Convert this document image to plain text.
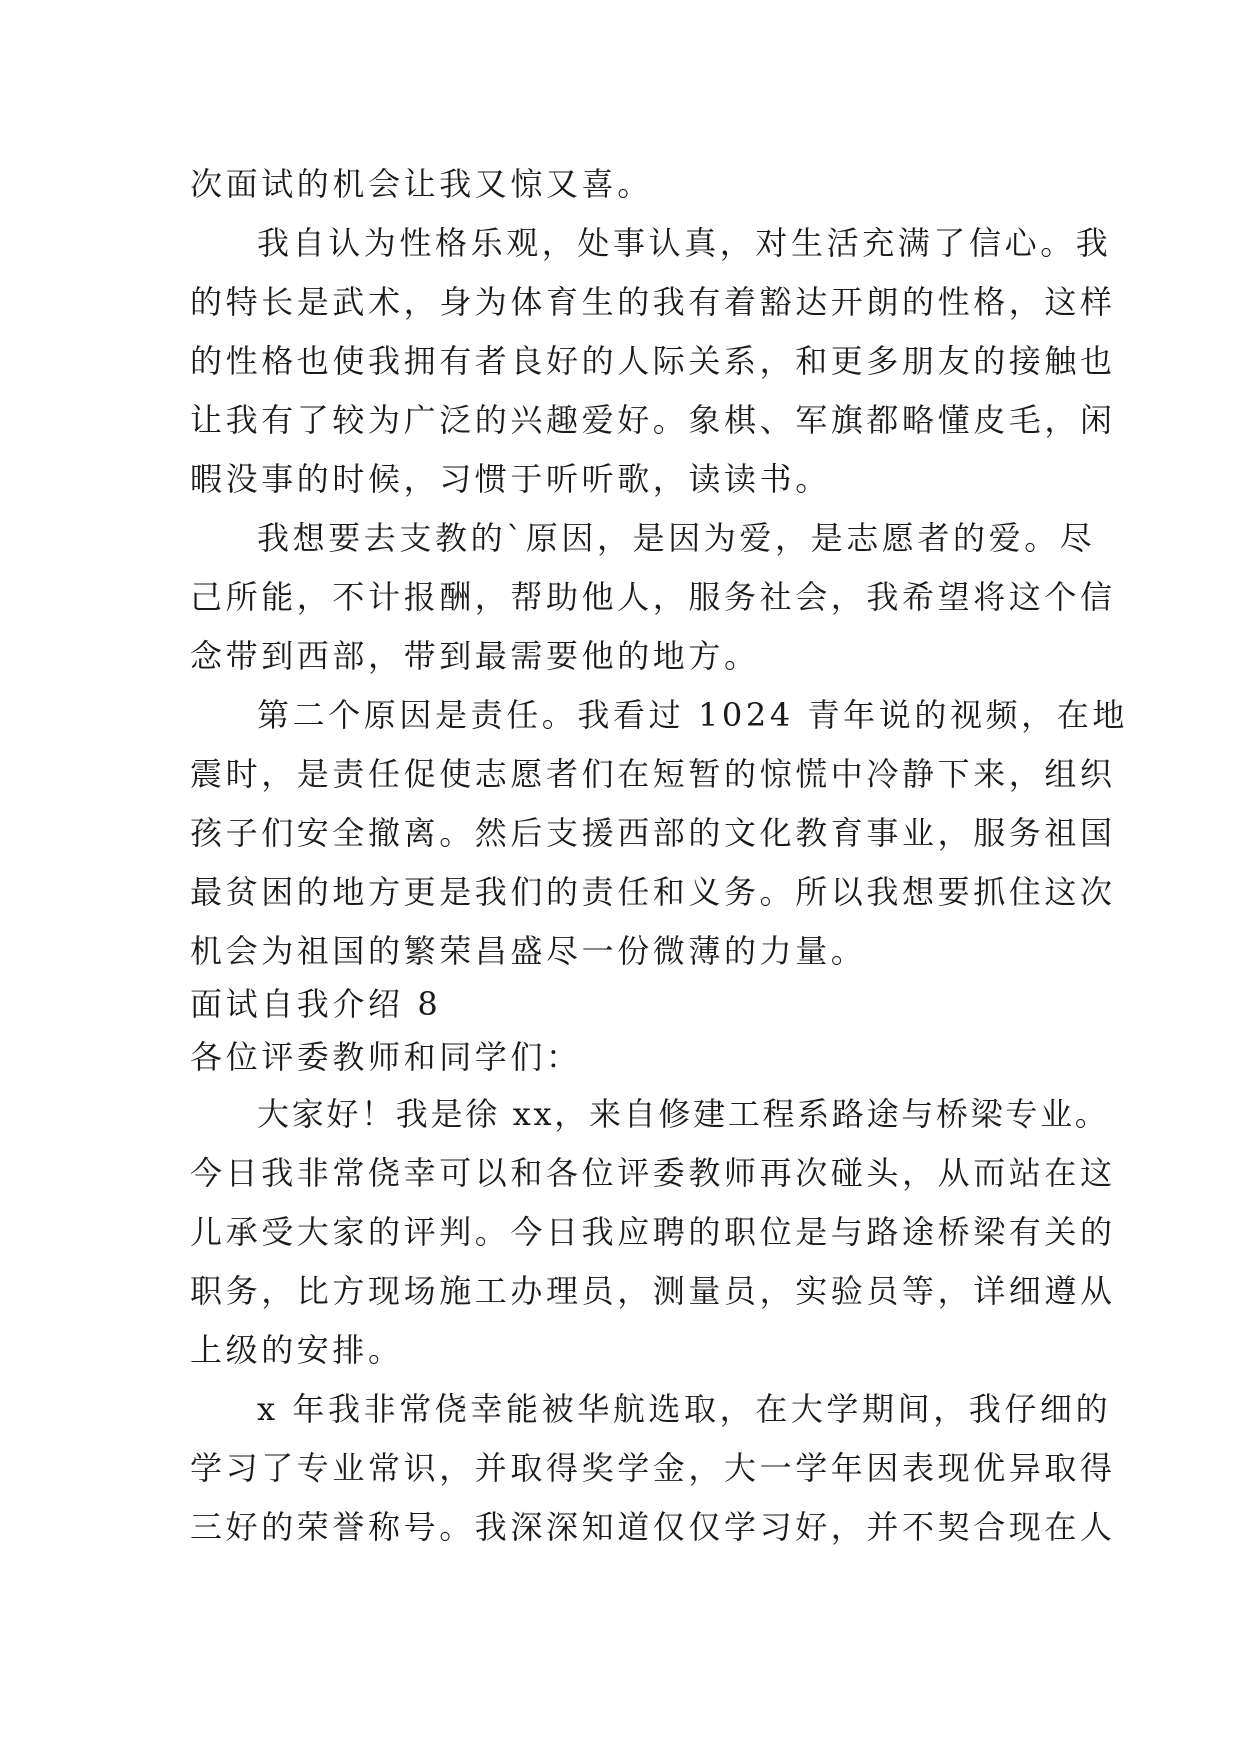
次面试的机会让我又惊又喜。
我自认为性格乐观，处事认真，对生活充满了信心。我
的特长是武术，身为体育生的我有着豁达开朗的性格，这样
的性格也使我拥有者良好的人际关系，和更多朋友的接触也
让我有了较为广泛的兴趣爱好。象棋、军旗都略懂皮毛，闲
暇没事的时候，习惯于听听歌，读读书。
我想要去支教的`原因，是因为爱，是志愿者的爱。尽
己所能，不计报酬，帮助他人，服务社会，我希望将这个信
念带到西部，带到最需要他的地方。
第二个原因是责任。我看过 1024 青年说的视频，在地
震时，是责任促使志愿者们在短暂的惊慌中冷静下来，组织
孩子们安全撤离。然后支援西部的文化教育事业，服务祖国
最贫困的地方更是我们的责任和义务。所以我想要抓住这次
机会为祖国的繁荣昌盛尽一份微薄的力量。
面试自我介绍 8
各位评委教师和同学们：
大家好！我是徐 xx，来自修建工程系路途与桥梁专业。
今日我非常侥幸可以和各位评委教师再次碰头，从而站在这
儿承受大家的评判。今日我应聘的职位是与路途桥梁有关的
职务，比方现场施工办理员，测量员，实验员等，详细遵从
上级的安排。
x 年我非常侥幸能被华航选取，在大学期间，我仔细的
学习了专业常识，并取得奖学金，大一学年因表现优异取得
三好的荣誉称号。我深深知道仅仅学习好，并不契合现在人
